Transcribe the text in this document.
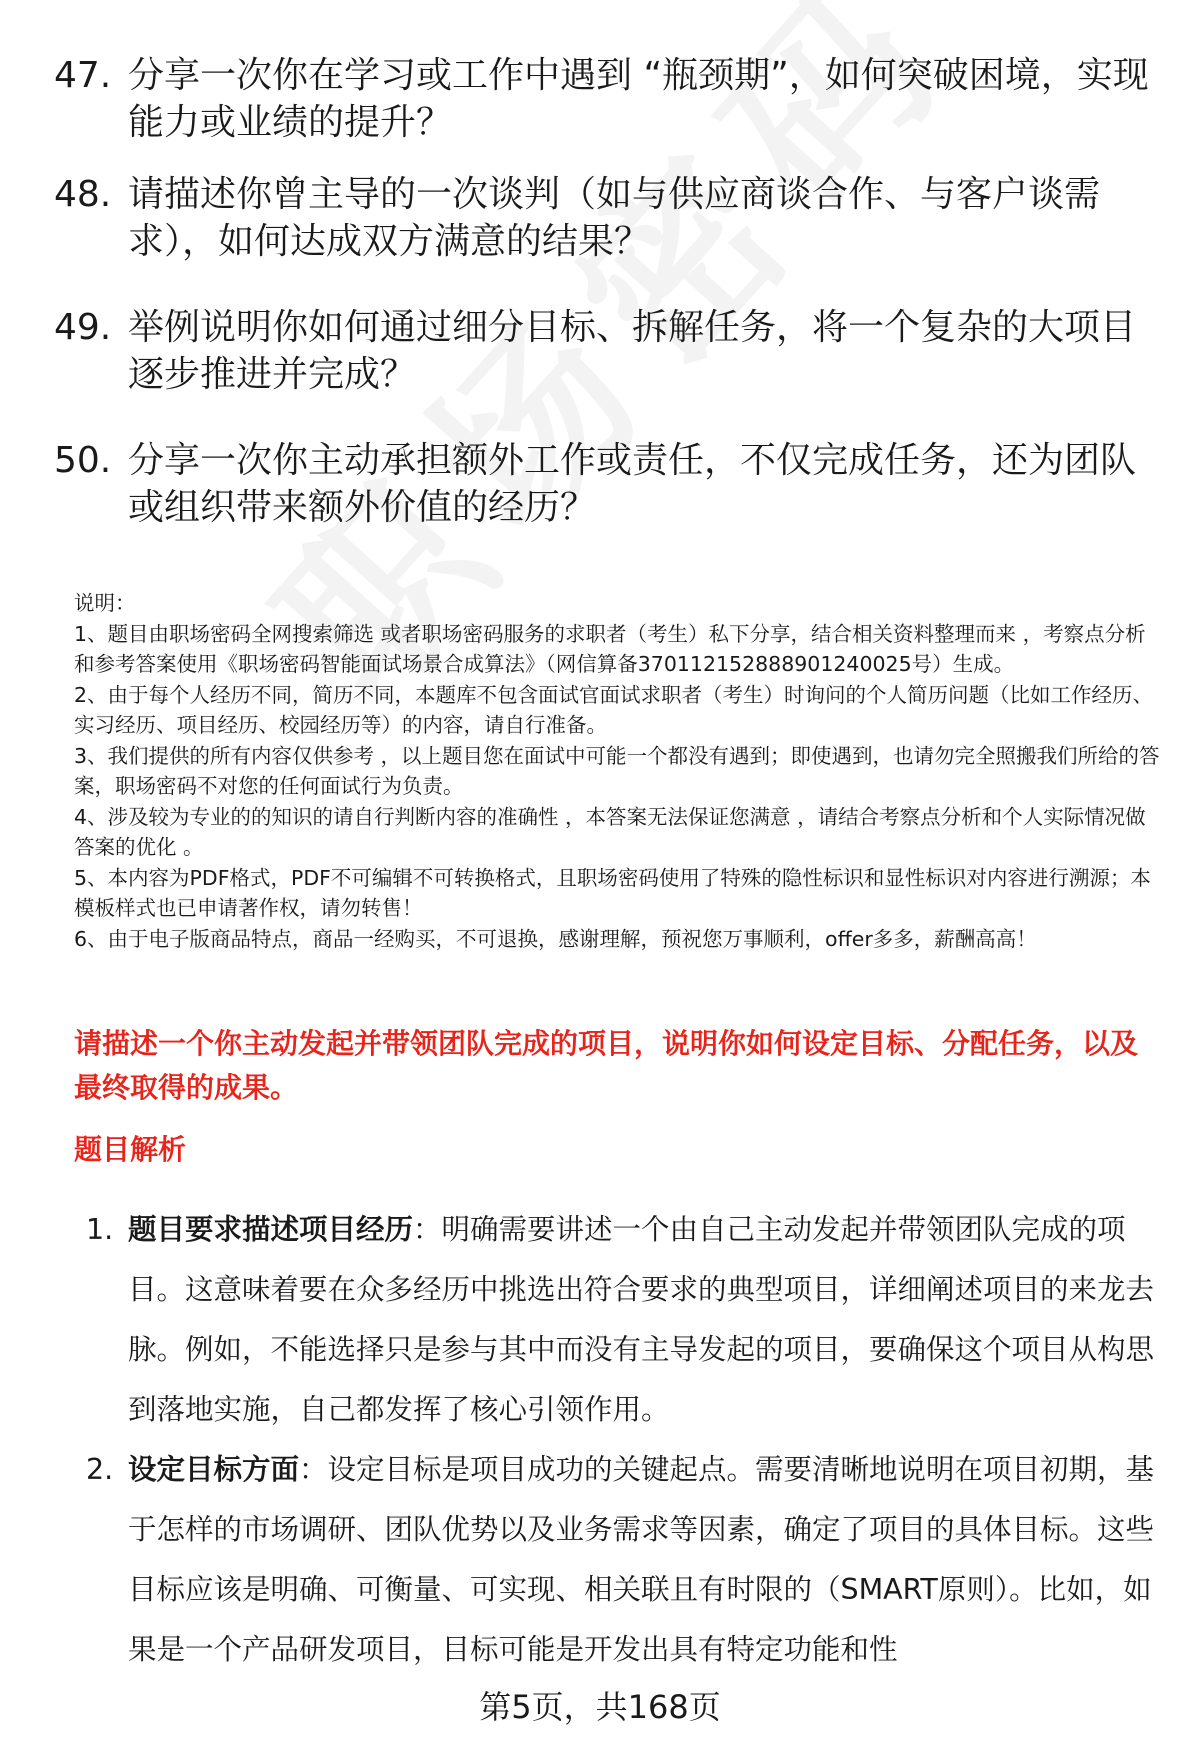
47. 分享一次你在学习或工作中遇到 “瓶颈期”，如何突破困境，实现能力或业绩的提升？
48. 请描述你曾主导的一次谈判（如与供应商谈合作、与客户谈需求），如何达成双方满意的结果？
49. 举例说明你如何通过细分目标、拆解任务，将一个复杂的大项目逐步推进并完成？
50. 分享一次你主动承担额外工作或责任，不仅完成任务，还为团队或组织带来额外价值的经历？

说明：

1、题目由职场密码全网搜索筛选 或者职场密码服务的求职者（考生）私下分享，结合相关资料整理而来 ，考察点分析和参考答案使用《职场密码智能面试场景合成算法》（网信算备370112152888901240025号）生成。

2、由于每个人经历不同，简历不同，本题库不包含面试官面试求职者（考生）时询问的个人简历问题（比如工作经历、实习经历、项目经历、校园经历等）的内容，请自行准备。

3、我们提供的所有内容仅供参考 ，以上题目您在面试中可能一个都没有遇到；即使遇到，也请勿完全照搬我们所给的答案，职场密码不对您的任何面试行为负责。

4、涉及较为专业的的知识的请自行判断内容的准确性 ，本答案无法保证您满意 ，请结合考察点分析和个人实际情况做答案的优化 。

5、本内容为PDF格式，PDF不可编辑不可转换格式，且职场密码使用了特殊的隐性标识和显性标识对内容进行溯源；本模板样式也已申请著作权，请勿转售！

6、由于电子版商品特点，商品一经购买，不可退换，感谢理解，预祝您万事顺利，offer多多，薪酬高高！

请描述一个你主动发起并带领团队完成的项目，说明你如何设定目标、分配任务，以及最终取得的成果。
题目解析
1. 题目要求描述项目经历：明确需要讲述一个由自己主动发起并带领团队完成的项目。这意味着要在众多经历中挑选出符合要求的典型项目，详细阐述项目的来龙去脉。例如，不能选择只是参与其中而没有主导发起的项目，要确保这个项目从构思到落地实施，自己都发挥了核心引领作用。
2. 设定目标方面：设定目标是项目成功的关键起点。需要清晰地说明在项目初期，基于怎样的市场调研、团队优势以及业务需求等因素，确定了项目的具体目标。这些目标应该是明确、可衡量、可实现、相关联且有时限的（SMART原则）。比如，如果是一个产品研发项目，目标可能是开发出具有特定功能和性
第5页，共168页
